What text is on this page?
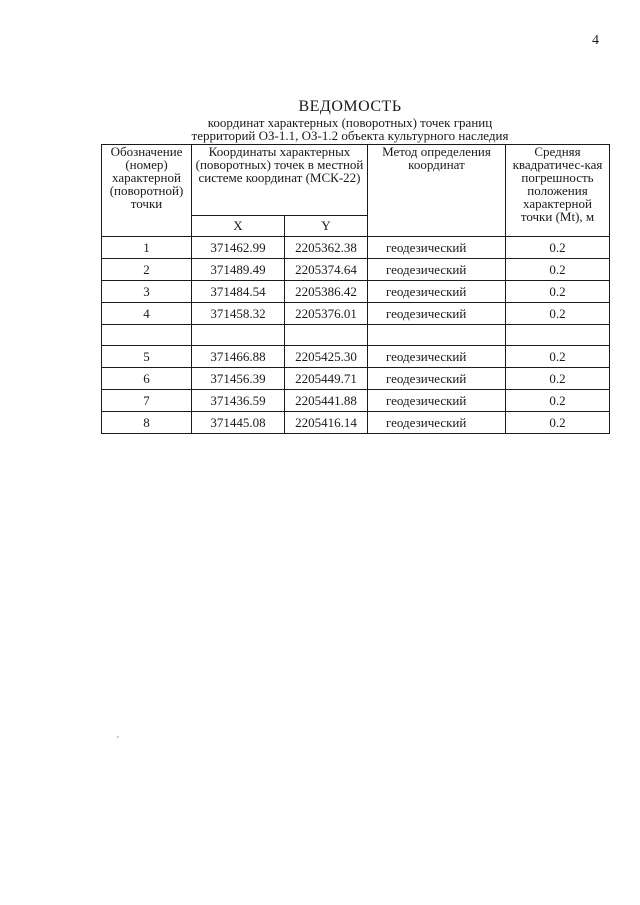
4
ВЕДОМОСТЬ
координат характерных (поворотных) точек границ
территорий ОЗ-1.1, ОЗ-1.2 объекта культурного наследия
Обозначение (номер) характерной (поворотной) точки	Координаты характерных (поворотных) точек в местной системе координат (МСК-22)		Метод определения координат	Средняя квадратичес-кая погрешность положения характерной точки (Mt), м
	X	Y		
1	371462.99	2205362.38	геодезический	0.2
2	371489.49	2205374.64	геодезический	0.2
3	371484.54	2205386.42	геодезический	0.2
4	371458.32	2205376.01	геодезический	0.2

5	371466.88	2205425.30	геодезический	0.2
6	371456.39	2205449.71	геодезический	0.2
7	371436.59	2205441.88	геодезический	0.2
8	371445.08	2205416.14	геодезический	0.2
'
